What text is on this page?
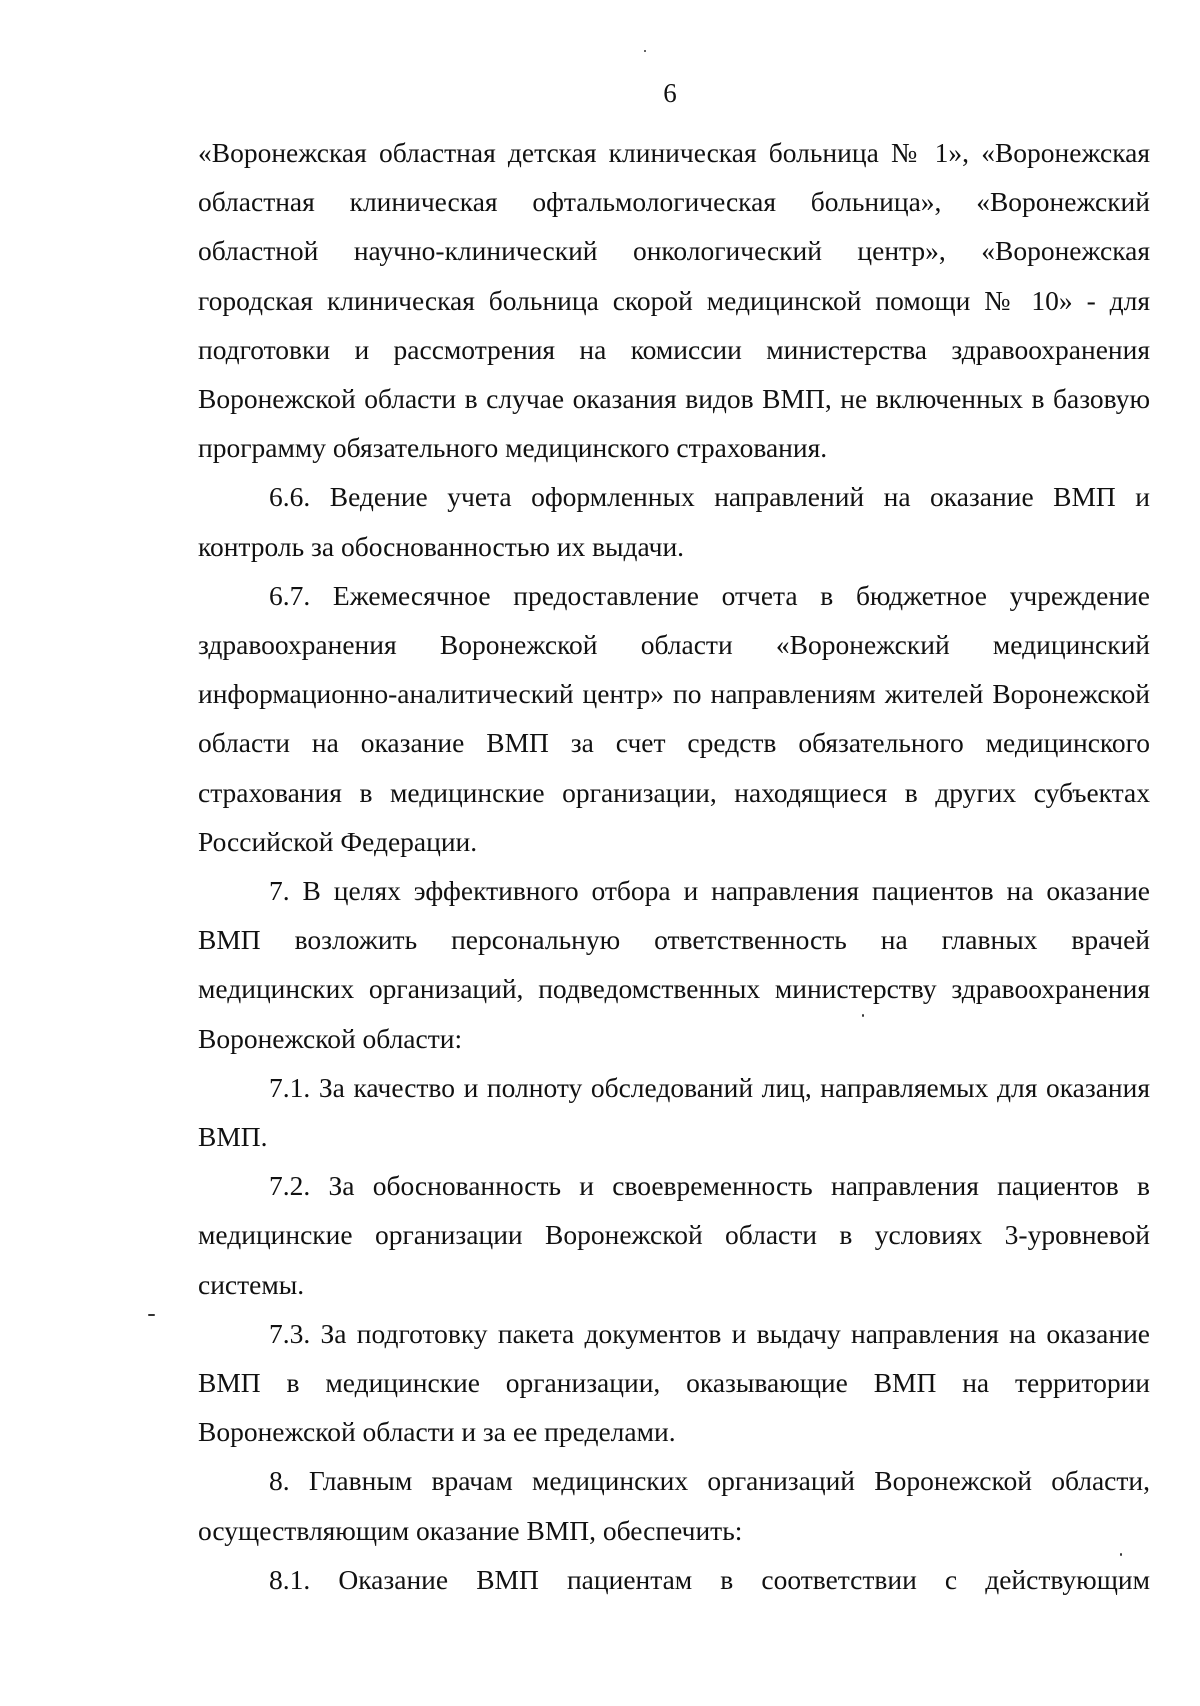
6

«Воронежская областная детская клиническая больница № 1», «Воронежская областная клиническая офтальмологическая больница», «Воронежский областной научно-клинический онкологический центр», «Воронежская городская клиническая больница скорой медицинской помощи № 10» - для подготовки и рассмотрения на комиссии министерства здравоохранения Воронежской области в случае оказания видов ВМП, не включенных в базовую программу обязательного медицинского страхования.

6.6. Ведение учета оформленных направлений на оказание ВМП и контроль за обоснованностью их выдачи.

6.7. Ежемесячное предоставление отчета в бюджетное учреждение здравоохранения Воронежской области «Воронежский медицинский информационно-аналитический центр» по направлениям жителей Воронежской области на оказание ВМП за счет средств обязательного медицинского страхования в медицинские организации, находящиеся в других субъектах Российской Федерации.

7. В целях эффективного отбора и направления пациентов на оказание ВМП возложить персональную ответственность на главных врачей медицинских организаций, подведомственных министерству здравоохранения Воронежской области:

7.1. За качество и полноту обследований лиц, направляемых для оказания ВМП.

7.2. За обоснованность и своевременность направления пациентов в медицинские организации Воронежской области в условиях 3-уровневой системы.

7.3. За подготовку пакета документов и выдачу направления на оказание ВМП в медицинские организации, оказывающие ВМП на территории Воронежской области и за ее пределами.

8. Главным врачам медицинских организаций Воронежской области, осуществляющим оказание ВМП, обеспечить:

8.1. Оказание ВМП пациентам в соответствии с действующим
